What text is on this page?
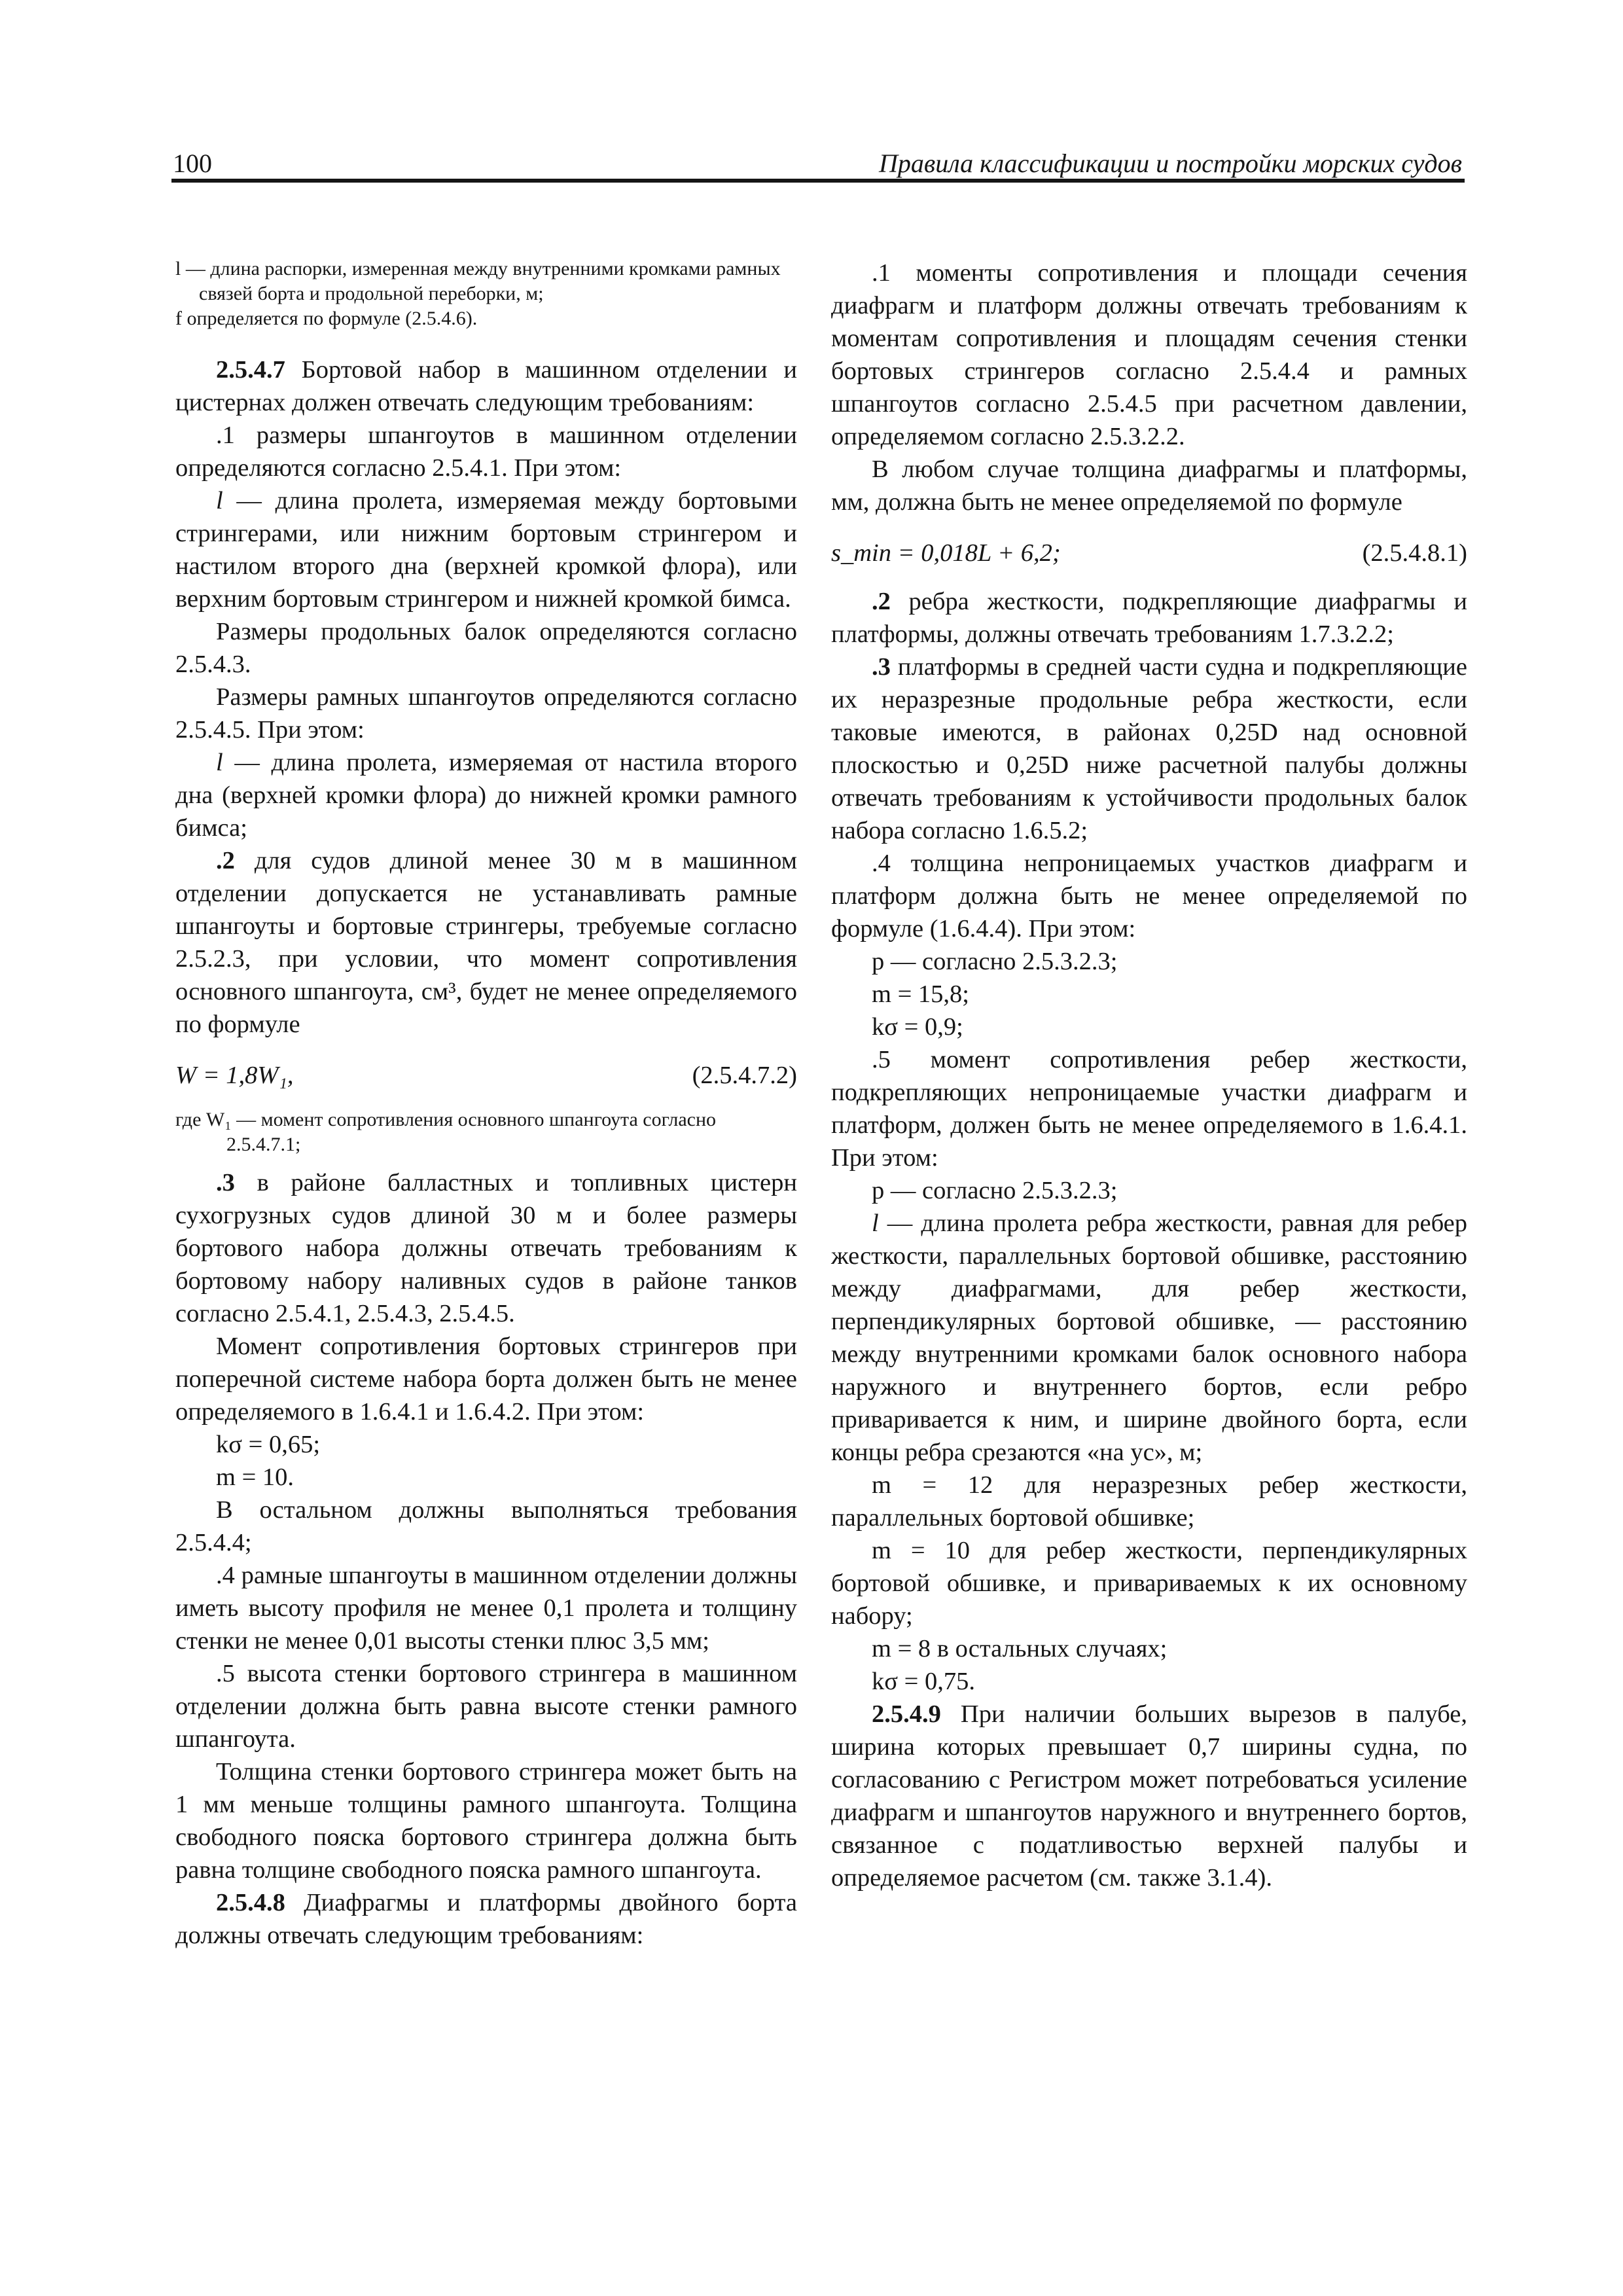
100	Правила классификации и постройки морских судов

l — длина распорки, измеренная между внутренними кромками рамных связей борта и продольной переборки, м;

f определяется по формуле (2.5.4.6).

2.5.4.7 Бортовой набор в машинном отделении и цистернах должен отвечать следующим требованиям:

.1 размеры шпангоутов в машинном отделении определяются согласно 2.5.4.1. При этом:

l — длина пролета, измеряемая между бортовыми стрингерами, или нижним бортовым стрингером и настилом второго дна (верхней кромкой флора), или верхним бортовым стрингером и нижней кромкой бимса.

Размеры продольных балок определяются согласно 2.5.4.3.

Размеры рамных шпангоутов определяются согласно 2.5.4.5. При этом:

l — длина пролета, измеряемая от настила второго дна (верхней кромки флора) до нижней кромки рамного бимса;

.2 для судов длиной менее 30 м в машинном отделении допускается не устанавливать рамные шпангоуты и бортовые стрингеры, требуемые согласно 2.5.2.3, при условии, что момент сопротивления основного шпангоута, см³, будет не менее определяемого по формуле

W = 1,8W₁,	(2.5.4.7.2)

где W₁ — момент сопротивления основного шпангоута согласно

2.5.4.7.1;

.3 в районе балластных и топливных цистерн сухогрузных судов длиной 30 м и более размеры бортового набора должны отвечать требованиям к бортовому набору наливных судов в районе танков согласно 2.5.4.1, 2.5.4.3, 2.5.4.5.

Момент сопротивления бортовых стрингеров при поперечной системе набора борта должен быть не менее определяемого в 1.6.4.1 и 1.6.4.2. При этом:

kσ = 0,65;

m = 10.

В остальном должны выполняться требования 2.5.4.4;

.4 рамные шпангоуты в машинном отделении должны иметь высоту профиля не менее 0,1 пролета и толщину стенки не менее 0,01 высоты стенки плюс 3,5 мм;

.5 высота стенки бортового стрингера в машинном отделении должна быть равна высоте стенки рамного шпангоута.

Толщина стенки бортового стрингера может быть на 1 мм меньше толщины рамного шпангоута. Толщина свободного пояска бортового стрингера должна быть равна толщине свободного пояска рамного шпангоута.

2.5.4.8 Диафрагмы и платформы двойного борта должны отвечать следующим требованиям:

.1 моменты сопротивления и площади сечения диафрагм и платформ должны отвечать требованиям к моментам сопротивления и площадям сечения стенки бортовых стрингеров согласно 2.5.4.4 и рамных шпангоутов согласно 2.5.4.5 при расчетном давлении, определяемом согласно 2.5.3.2.2.

В любом случае толщина диафрагмы и платформы, мм, должна быть не менее определяемой по формуле

s_min = 0,018L + 6,2;	(2.5.4.8.1)

.2 ребра жесткости, подкрепляющие диафрагмы и платформы, должны отвечать требованиям 1.7.3.2.2;

.3 платформы в средней части судна и подкрепляющие их неразрезные продольные ребра жесткости, если таковые имеются, в районах 0,25D над основной плоскостью и 0,25D ниже расчетной палубы должны отвечать требованиям к устойчивости продольных балок набора согласно 1.6.5.2;

.4 толщина непроницаемых участков диафрагм и платформ должна быть не менее определяемой по формуле (1.6.4.4). При этом:

p — согласно 2.5.3.2.3;

m = 15,8;

kσ = 0,9;

.5 момент сопротивления ребер жесткости, подкрепляющих непроницаемые участки диафрагм и платформ, должен быть не менее определяемого в 1.6.4.1. При этом:

p — согласно 2.5.3.2.3;

l — длина пролета ребра жесткости, равная для ребер жесткости, параллельных бортовой обшивке, расстоянию между диафрагмами, для ребер жесткости, перпендикулярных бортовой обшивке, — расстоянию между внутренними кромками балок основного набора наружного и внутреннего бортов, если ребро приваривается к ним, и ширине двойного борта, если концы ребра срезаются «на ус», м;

m = 12 для неразрезных ребер жесткости, параллельных бортовой обшивке;

m = 10 для ребер жесткости, перпендикулярных бортовой обшивке, и привариваемых к их основному набору;

m = 8 в остальных случаях;

kσ = 0,75.

2.5.4.9 При наличии больших вырезов в палубе, ширина которых превышает 0,7 ширины судна, по согласованию с Регистром может потребоваться усиление диафрагм и шпангоутов наружного и внутреннего бортов, связанное с податливостью верхней палубы и определяемое расчетом (см. также 3.1.4).
